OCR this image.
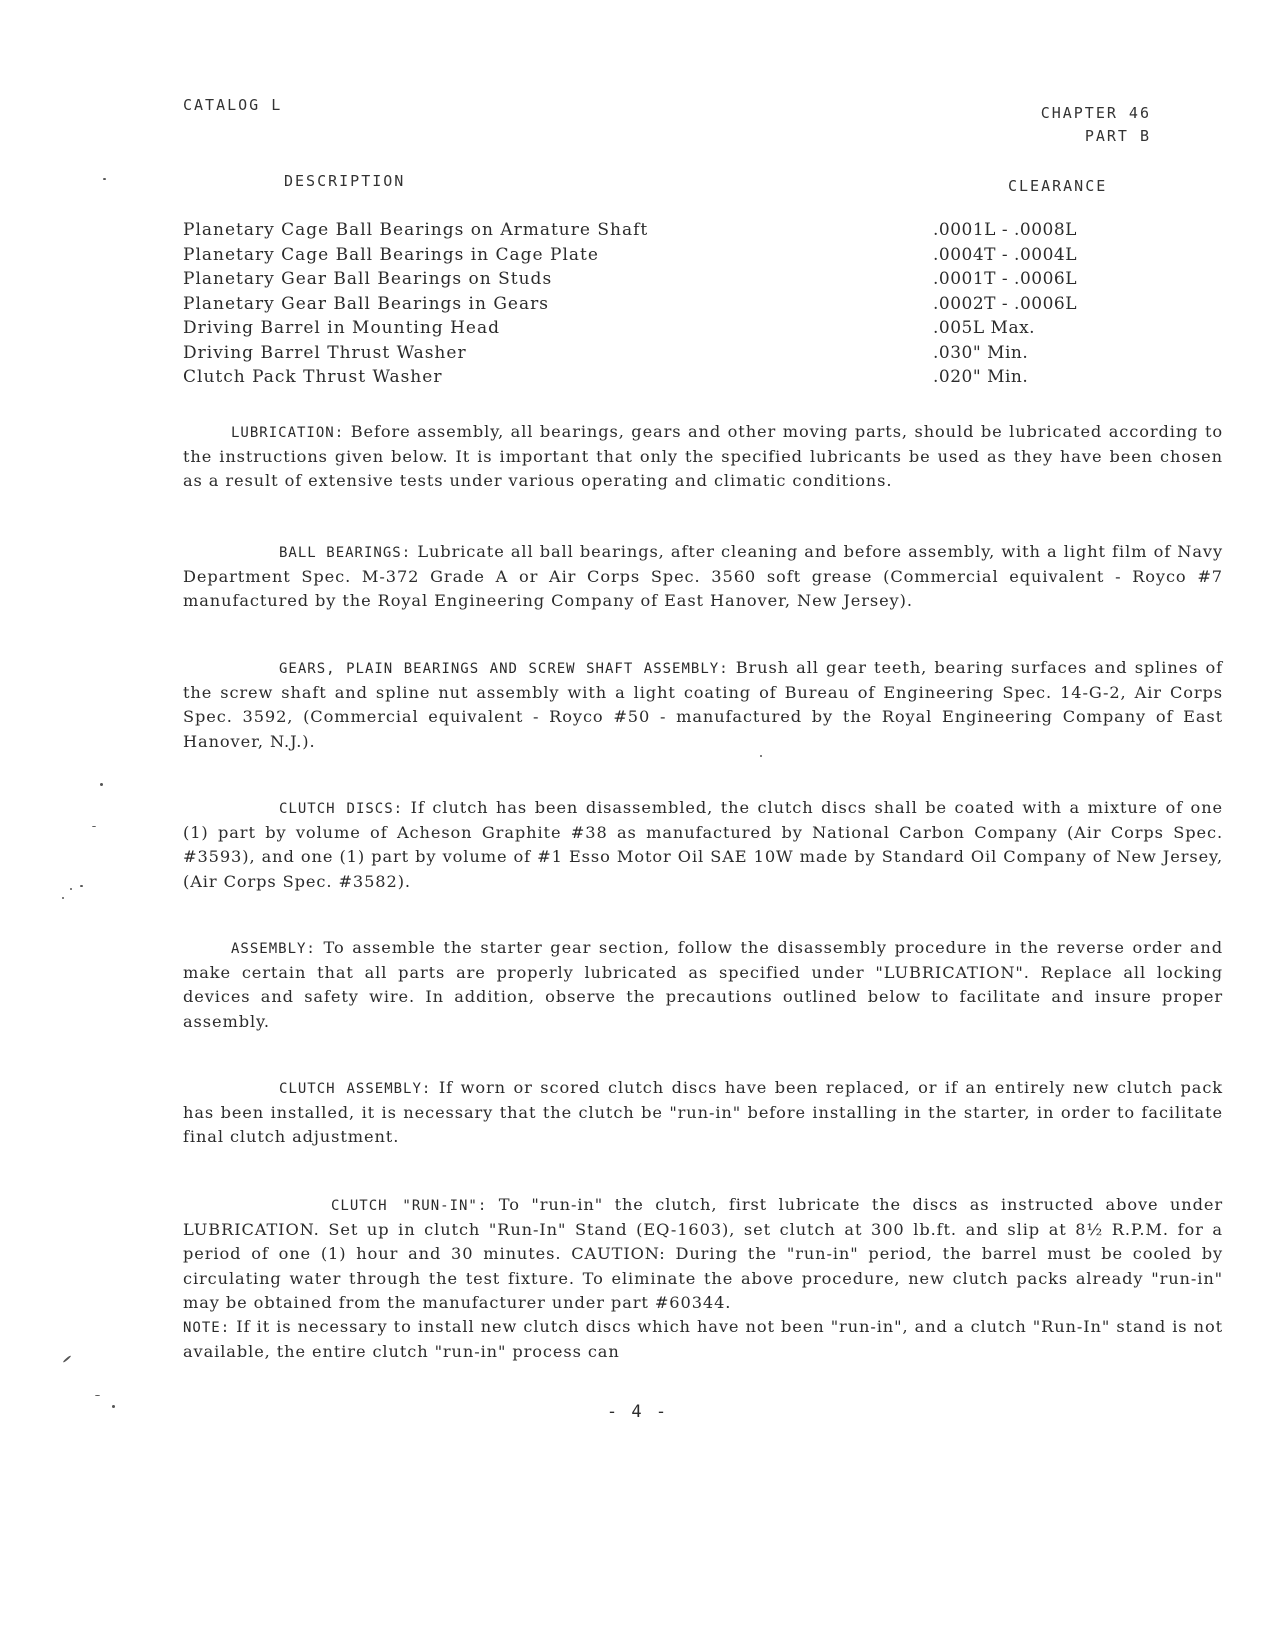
CATALOG L	CHAPTER 46
PART B
DESCRIPTION	CLEARANCE
Planetary Cage Ball Bearings on Armature Shaft	.0001L - .0008L
Planetary Cage Ball Bearings in Cage Plate	.0004T - .0004L
Planetary Gear Ball Bearings on Studs	.0001T - .0006L
Planetary Gear Ball Bearings in Gears	.0002T - .0006L
Driving Barrel in Mounting Head	.005L Max.
Driving Barrel Thrust Washer	.030" Min.
Clutch Pack Thrust Washer	.020" Min.

LUBRICATION: Before assembly, all bearings, gears and other moving parts, should be lubricated according to the instructions given below. It is important that only the specified lubricants be used as they have been chosen as a result of extensive tests under various operating and climatic conditions.

BALL BEARINGS: Lubricate all ball bearings, after cleaning and before assembly, with a light film of Navy Department Spec. M-372 Grade A or Air Corps Spec. 3560 soft grease (Commercial equivalent - Royco #7 manufactured by the Royal Engineering Company of East Hanover, New Jersey).

GEARS, PLAIN BEARINGS AND SCREW SHAFT ASSEMBLY: Brush all gear teeth, bearing surfaces and splines of the screw shaft and spline nut assembly with a light coating of Bureau of Engineering Spec. 14-G-2, Air Corps Spec. 3592, (Commercial equivalent - Royco #50 - manufactured by the Royal Engineering Company of East Hanover, N.J.).

CLUTCH DISCS: If clutch has been disassembled, the clutch discs shall be coated with a mixture of one (1) part by volume of Acheson Graphite #38 as manufactured by National Carbon Company (Air Corps Spec. #3593), and one (1) part by volume of #1 Esso Motor Oil SAE 10W made by Standard Oil Company of New Jersey, (Air Corps Spec. #3582).

ASSEMBLY: To assemble the starter gear section, follow the disassembly procedure in the reverse order and make certain that all parts are properly lubricated as specified under "LUBRICATION". Replace all locking devices and safety wire. In addition, observe the precautions outlined below to facilitate and insure proper assembly.

CLUTCH ASSEMBLY: If worn or scored clutch discs have been replaced, or if an entirely new clutch pack has been installed, it is necessary that the clutch be "run-in" before installing in the starter, in order to facilitate final clutch adjustment.

CLUTCH "RUN-IN": To "run-in" the clutch, first lubricate the discs as instructed above under LUBRICATION. Set up in clutch "Run-In" Stand (EQ-1603), set clutch at 300 lb.ft. and slip at 8½ R.P.M. for a period of one (1) hour and 30 minutes. CAUTION: During the "run-in" period, the barrel must be cooled by circulating water through the test fixture. To eliminate the above procedure, new clutch packs already "run-in" may be obtained from the manufacturer under part #60344.
NOTE: If it is necessary to install new clutch discs which have not been "run-in", and a clutch "Run-In" stand is not available, the entire clutch "run-in" process can

- 4 -
